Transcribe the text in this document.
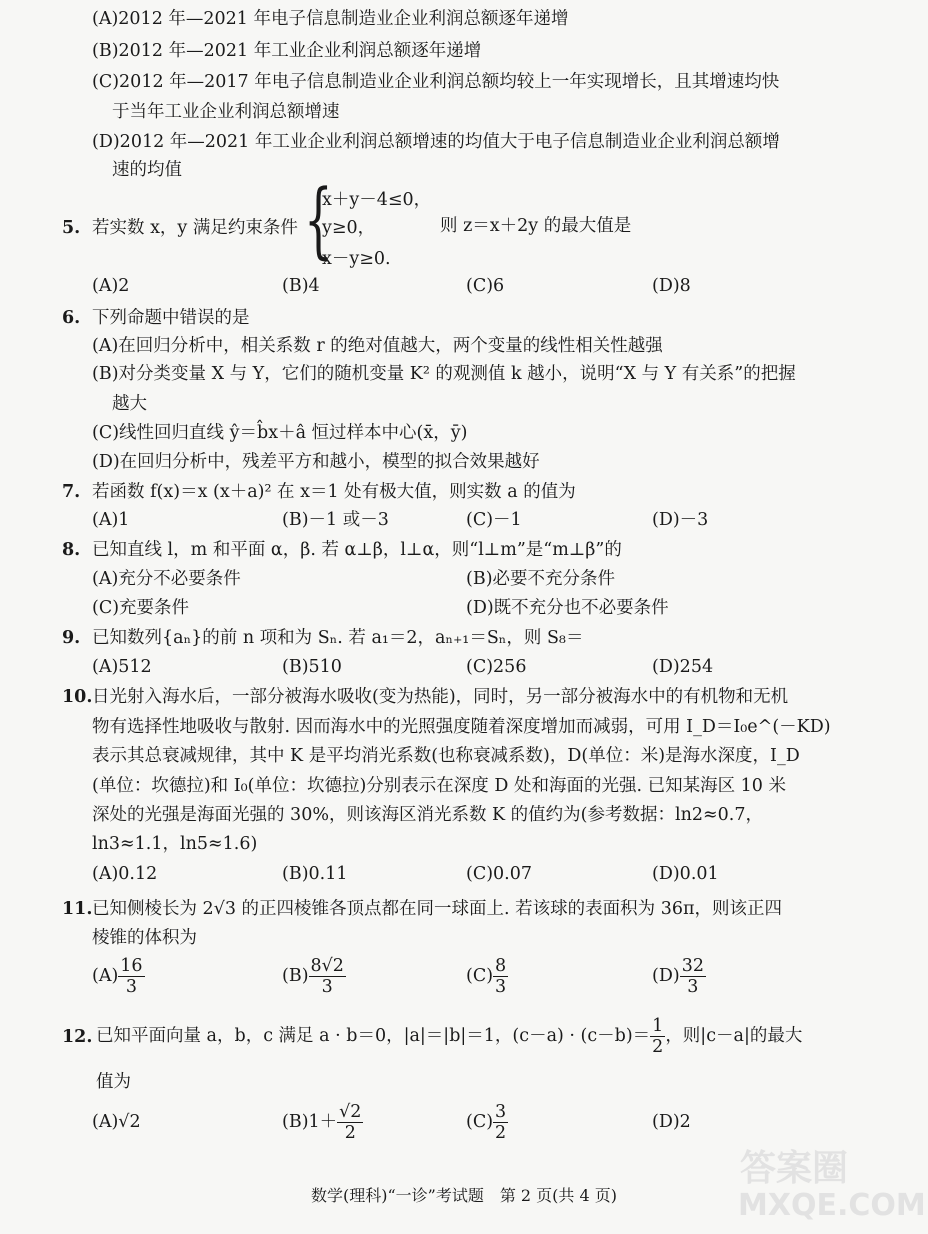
(A)2012 年—2021 年电子信息制造业企业利润总额逐年递增
(B)2012 年—2021 年工业企业利润总额逐年递增
(C)2012 年—2017 年电子信息制造业企业利润总额均较上一年实现增长，且其增速均快
于当年工业企业利润总额增速
(D)2012 年—2021 年工业企业利润总额增速的均值大于电子信息制造业企业利润总额增
速的均值
5. 若实数 x，y 满足约束条件 {
x＋y－4≤0，
y≥0，
x－y≥0.
则 z＝x＋2y 的最大值是
(A)2	(B)4	(C)6	(D)8
6. 下列命题中错误的是
(A)在回归分析中，相关系数 r 的绝对值越大，两个变量的线性相关性越强
(B)对分类变量 X 与 Y，它们的随机变量 K² 的观测值 k 越小，说明“X 与 Y 有关系”的把握
越大
(C)线性回归直线 ŷ＝b̂x＋â 恒过样本中心(x̄，ȳ)
(D)在回归分析中，残差平方和越小，模型的拟合效果越好
7. 若函数 f(x)＝x (x＋a)² 在 x＝1 处有极大值，则实数 a 的值为
(A)1	(B)－1 或－3	(C)－1	(D)－3
8. 已知直线 l，m 和平面 α，β. 若 α⊥β，l⊥α，则“l⊥m”是“m⊥β”的
(A)充分不必要条件	(B)必要不充分条件
(C)充要条件	(D)既不充分也不必要条件
9. 已知数列{aₙ}的前 n 项和为 Sₙ. 若 a₁＝2，aₙ₊₁＝Sₙ，则 S₈＝
(A)512	(B)510	(C)256	(D)254
10. 日光射入海水后，一部分被海水吸收(变为热能)，同时，另一部分被海水中的有机物和无机
物有选择性地吸收与散射. 因而海水中的光照强度随着深度增加而减弱，可用 I_D＝I₀e^(－KD)
表示其总衰减规律，其中 K 是平均消光系数(也称衰减系数)，D(单位：米)是海水深度，I_D
(单位：坎德拉)和 I₀(单位：坎德拉)分别表示在深度 D 处和海面的光强. 已知某海区 10 米
深处的光强是海面光强的 30%，则该海区消光系数 K 的值约为(参考数据：ln2≈0.7，
ln3≈1.1，ln5≈1.6)
(A)0.12	(B)0.11	(C)0.07	(D)0.01
11. 已知侧棱长为 2√3 的正四棱锥各顶点都在同一球面上. 若该球的表面积为 36π，则该正四
棱锥的体积为
$(A) \frac{16}{3}$	$(B) \frac{8√2}{3}$	$(C) \frac{8}{3}$	$(D) \frac{32}{3}$
12. 已知平面向量 a，b，c 满足 a · b＝0，|a|＝|b|＝1，$(c-a) \cdot (c-b)= \frac{1}{2}$ ，则|c－a|的最大
值为
(A)√2	$(B)1+ \frac{√2}{2}$	$(C) \frac{3}{2}$	(D)2
数学(理科)“一诊”考试题　第 2 页(共 4 页)
答案圈
MXQE.COM
